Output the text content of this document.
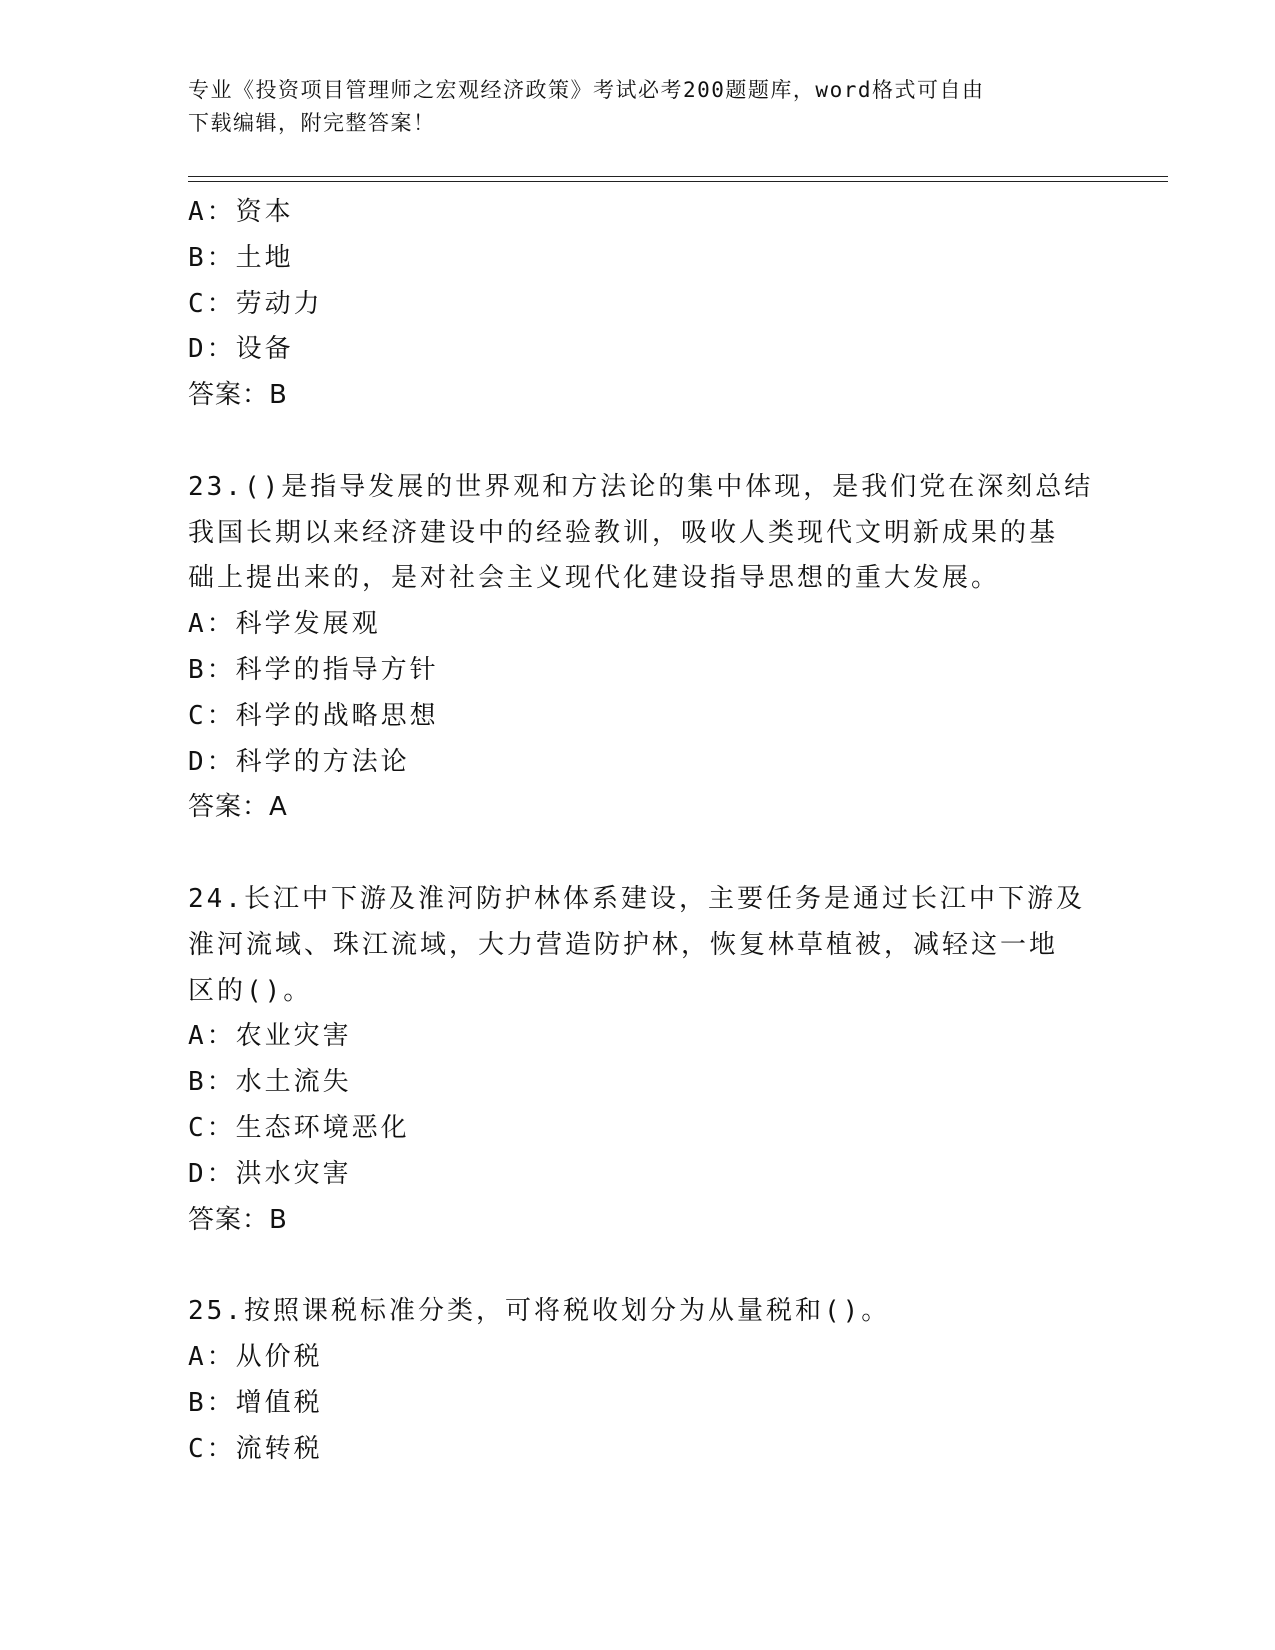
专业《投资项目管理师之宏观经济政策》考试必考200题题库，word格式可自由
下载编辑，附完整答案！
A：资本
B：土地
C：劳动力
D：设备
答案：B
23.()是指导发展的世界观和方法论的集中体现，是我们党在深刻总结
我国长期以来经济建设中的经验教训，吸收人类现代文明新成果的基
础上提出来的，是对社会主义现代化建设指导思想的重大发展。
A：科学发展观
B：科学的指导方针
C：科学的战略思想
D：科学的方法论
答案：A
24.长江中下游及淮河防护林体系建设，主要任务是通过长江中下游及
淮河流域、珠江流域，大力营造防护林，恢复林草植被，减轻这一地
区的()。
A：农业灾害
B：水土流失
C：生态环境恶化
D：洪水灾害
答案：B
25.按照课税标准分类，可将税收划分为从量税和()。
A：从价税
B：增值税
C：流转税
